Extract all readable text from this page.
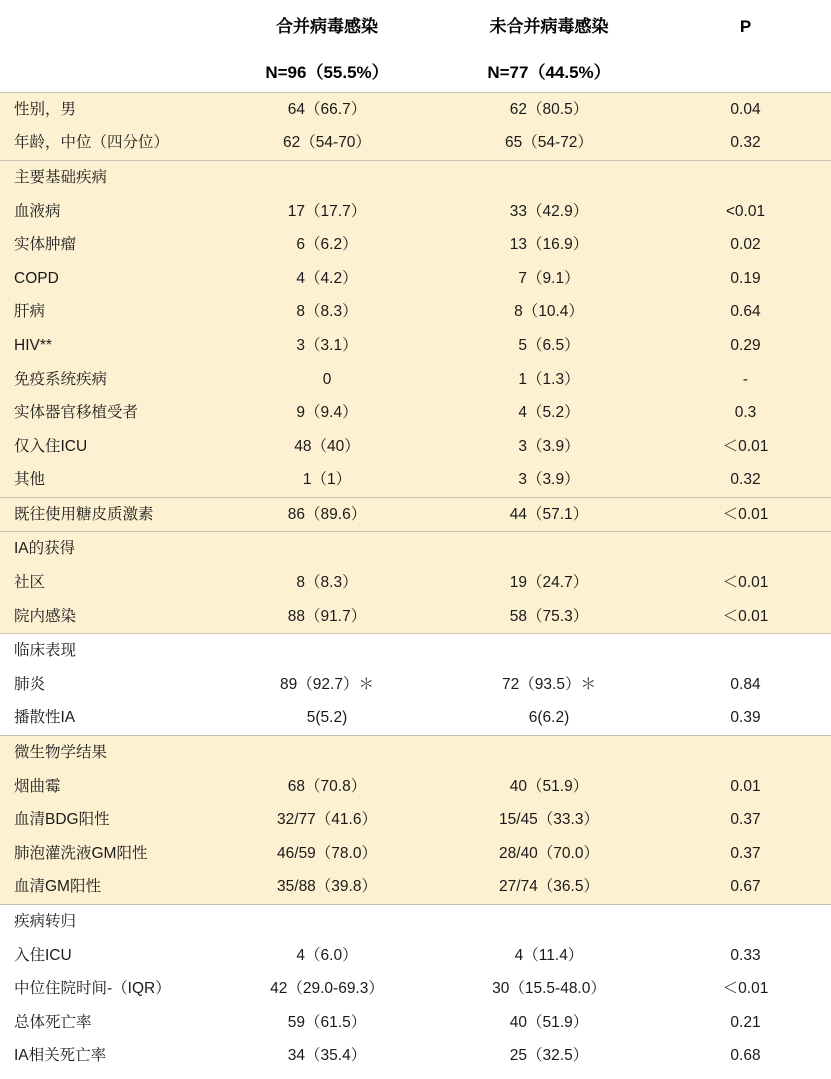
	合并病毒感染	未合并病毒感染	P
	N=96（55.5%）	N=77（44.5%）	
性别，男	64（66.7）	62（80.5）	0.04
年龄，中位（四分位）	62（54-70）	65（54-72）	0.32
主要基础疾病			
血液病	17（17.7）	33（42.9）	<0.01
实体肿瘤	6（6.2）	13（16.9）	0.02
COPD	4（4.2）	7（9.1）	0.19
肝病	8（8.3）	8（10.4）	0.64
HIV**	3（3.1）	5（6.5）	0.29
免疫系统疾病	0	1（1.3）	-
实体器官移植受者	9（9.4）	4（5.2）	0.3
仅入住ICU	48（40）	3（3.9）	＜0.01
其他	1（1）	3（3.9）	0.32
既往使用糖皮质激素	86（89.6）	44（57.1）	＜0.01
IA的获得			
社区	8（8.3）	19（24.7）	＜0.01
院内感染	88（91.7）	58（75.3）	＜0.01
临床表现			
肺炎	89（92.7）＊	72（93.5）＊	0.84
播散性IA	5(5.2)	6(6.2)	0.39
微生物学结果			
烟曲霉	68（70.8）	40（51.9）	0.01
血清BDG阳性	32/77（41.6）	15/45（33.3）	0.37
肺泡灌洗液GM阳性	46/59（78.0）	28/40（70.0）	0.37
血清GM阳性	35/88（39.8）	27/74（36.5）	0.67
疾病转归			
入住ICU	4（6.0）	4（11.4）	0.33
中位住院时间-（IQR）	42（29.0-69.3）	30（15.5-48.0）	＜0.01
总体死亡率	59（61.5）	40（51.9）	0.21
IA相关死亡率	34（35.4）	25（32.5）	0.68
